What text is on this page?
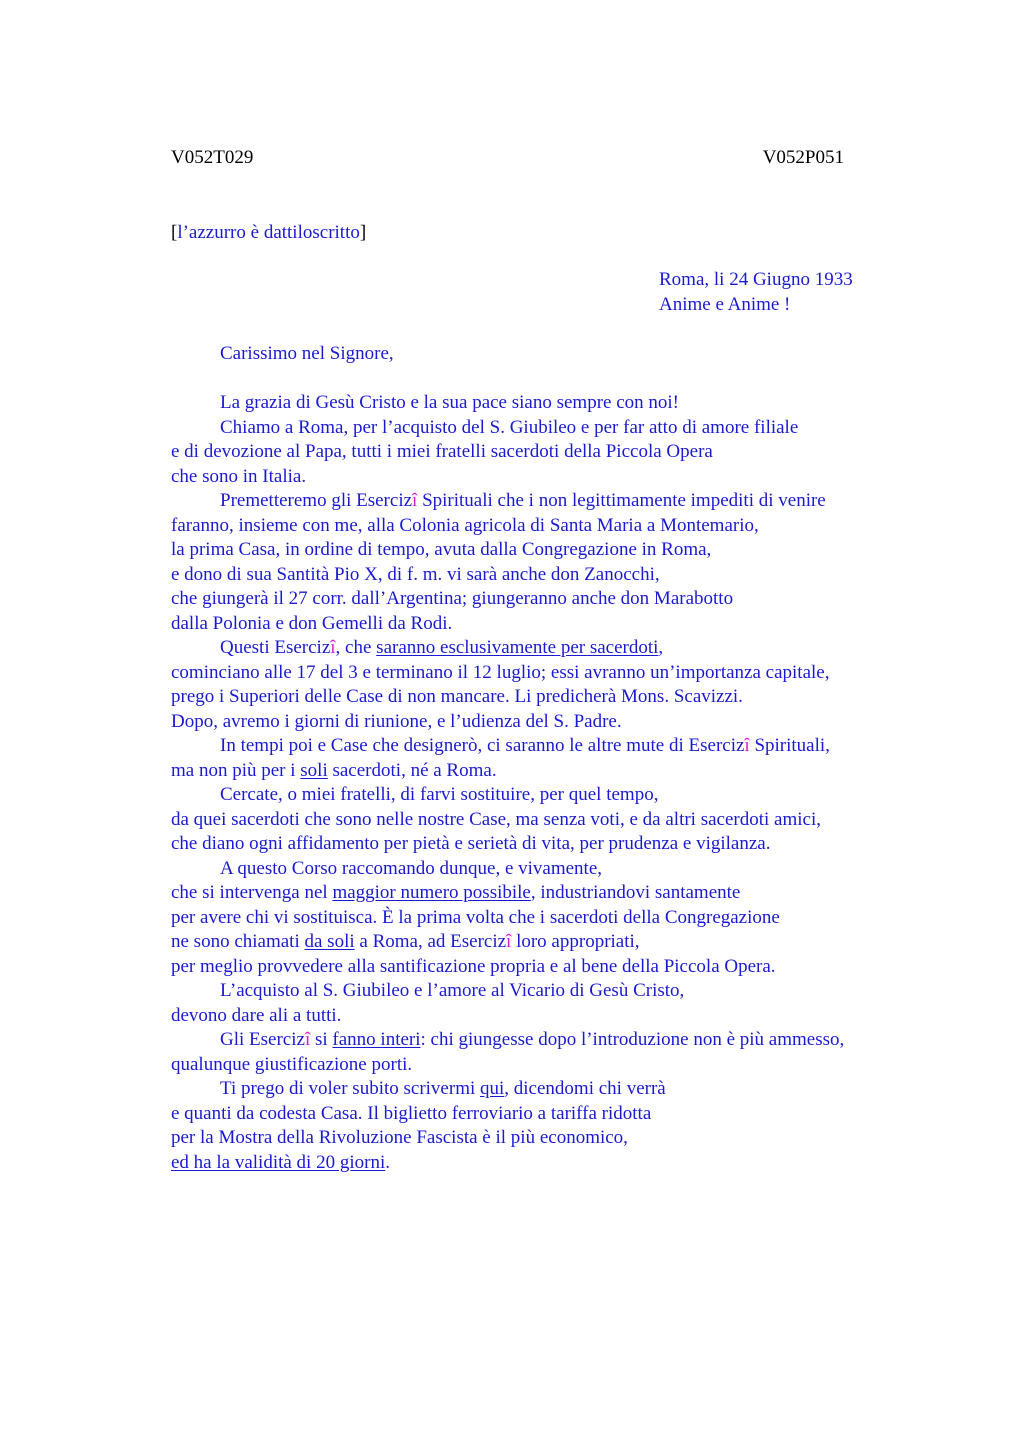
V052T029	V052P051
[l’azzurro è dattiloscritto]
Roma, li 24 Giugno 1933
Anime e Anime !
Carissimo nel Signore,
La grazia di Gesù Cristo e la sua pace siano sempre con noi!
Chiamo a Roma, per l’acquisto del S. Giubileo e per far atto di amore filiale
e di devozione al Papa, tutti i miei fratelli sacerdoti della Piccola Opera
che sono in Italia.
Premetteremo gli Esercizî Spirituali che i non legittimamente impediti di venire
faranno, insieme con me, alla Colonia agricola di Santa Maria a Montemario,
la prima Casa, in ordine di tempo, avuta dalla Congregazione in Roma,
e dono di sua Santità Pio X, di f. m. vi sarà anche don Zanocchi,
che giungerà il 27 corr. dall’Argentina; giungeranno anche don Marabotto
dalla Polonia e don Gemelli da Rodi.
Questi Esercizî, che saranno esclusivamente per sacerdoti,
cominciano alle 17 del 3 e terminano il 12 luglio; essi avranno un’importanza capitale,
prego i Superiori delle Case di non mancare. Li predicherà Mons. Scavizzi.
Dopo, avremo i giorni di riunione, e l’udienza del S. Padre.
In tempi poi e Case che designerò, ci saranno le altre mute di Esercizî Spirituali,
ma non più per i soli sacerdoti, né a Roma.
Cercate, o miei fratelli, di farvi sostituire, per quel tempo,
da quei sacerdoti che sono nelle nostre Case, ma senza voti, e da altri sacerdoti amici,
che diano ogni affidamento per pietà e serietà di vita, per prudenza e vigilanza.
A questo Corso raccomando dunque, e vivamente,
che si intervenga nel maggior numero possibile, industriandovi santamente
per avere chi vi sostituisca. È la prima volta che i sacerdoti della Congregazione
ne sono chiamati da soli a Roma, ad Esercizî loro appropriati,
per meglio provvedere alla santificazione propria e al bene della Piccola Opera.
L’acquisto al S. Giubileo e l’amore al Vicario di Gesù Cristo,
devono dare ali a tutti.
Gli Esercizî si fanno interi: chi giungesse dopo l’introduzione non è più ammesso,
qualunque giustificazione porti.
Ti prego di voler subito scrivermi qui, dicendomi chi verrà
e quanti da codesta Casa. Il biglietto ferroviario a tariffa ridotta
per la Mostra della Rivoluzione Fascista è il più economico,
ed ha la validità di 20 giorni.
